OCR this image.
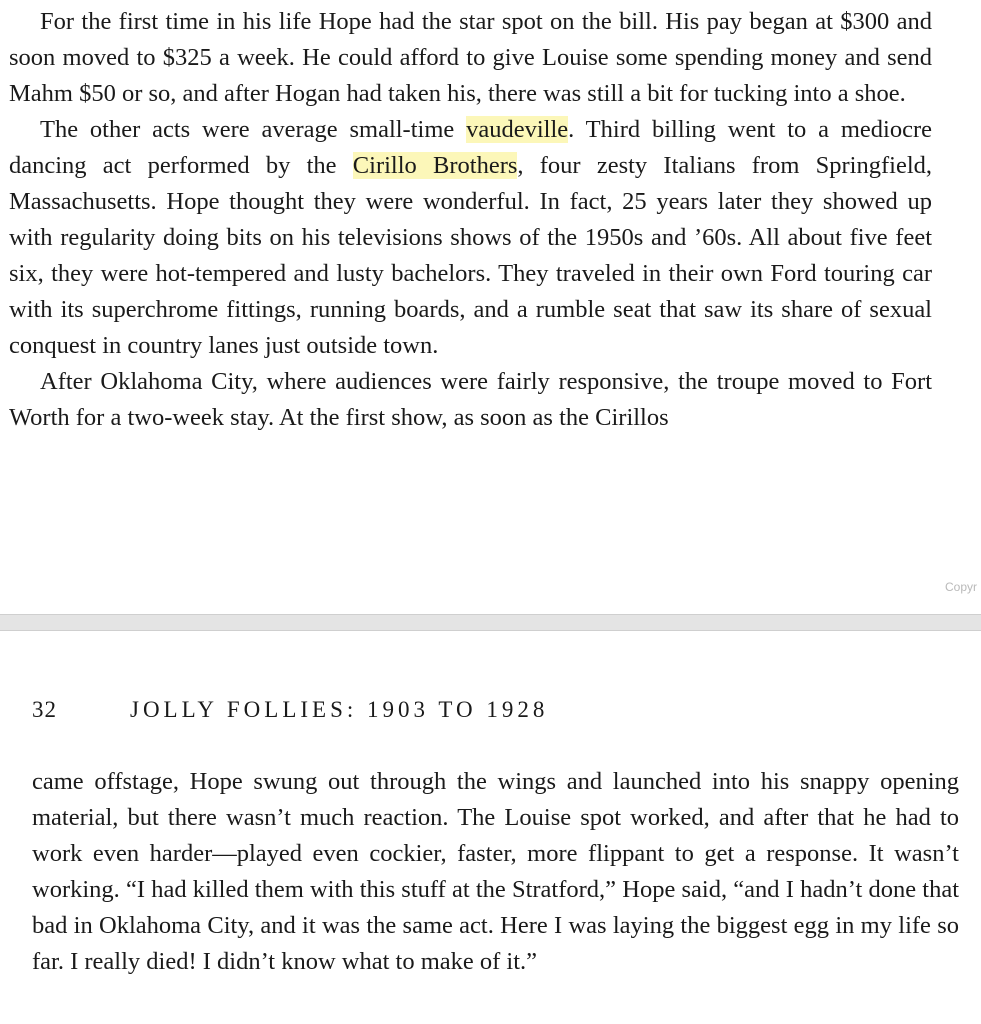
For the first time in his life Hope had the star spot on the bill. His pay began at $300 and soon moved to $325 a week. He could afford to give Louise some spending money and send Mahm $50 or so, and after Hogan had taken his, there was still a bit for tucking into a shoe.

The other acts were average small-time vaudeville. Third billing went to a mediocre dancing act performed by the Cirillo Brothers, four zesty Italians from Springfield, Massachusetts. Hope thought they were wonderful. In fact, 25 years later they showed up with regularity doing bits on his televisions shows of the 1950s and ’60s. All about five feet six, they were hot-tempered and lusty bachelors. They traveled in their own Ford touring car with its superchrome fittings, running boards, and a rumble seat that saw its share of sexual conquest in country lanes just outside town.

After Oklahoma City, where audiences were fairly responsive, the troupe moved to Fort Worth for a two-week stay. At the first show, as soon as the Cirillos

Copyr
32	JOLLY FOLLIES: 1903 TO 1928

came offstage, Hope swung out through the wings and launched into his snappy opening material, but there wasn’t much reaction. The Louise spot worked, and after that he had to work even harder—played even cockier, faster, more flippant to get a response. It wasn’t working. “I had killed them with this stuff at the Stratford,” Hope said, “and I hadn’t done that bad in Oklahoma City, and it was the same act. Here I was laying the biggest egg in my life so far. I really died! I didn’t know what to make of it.”
